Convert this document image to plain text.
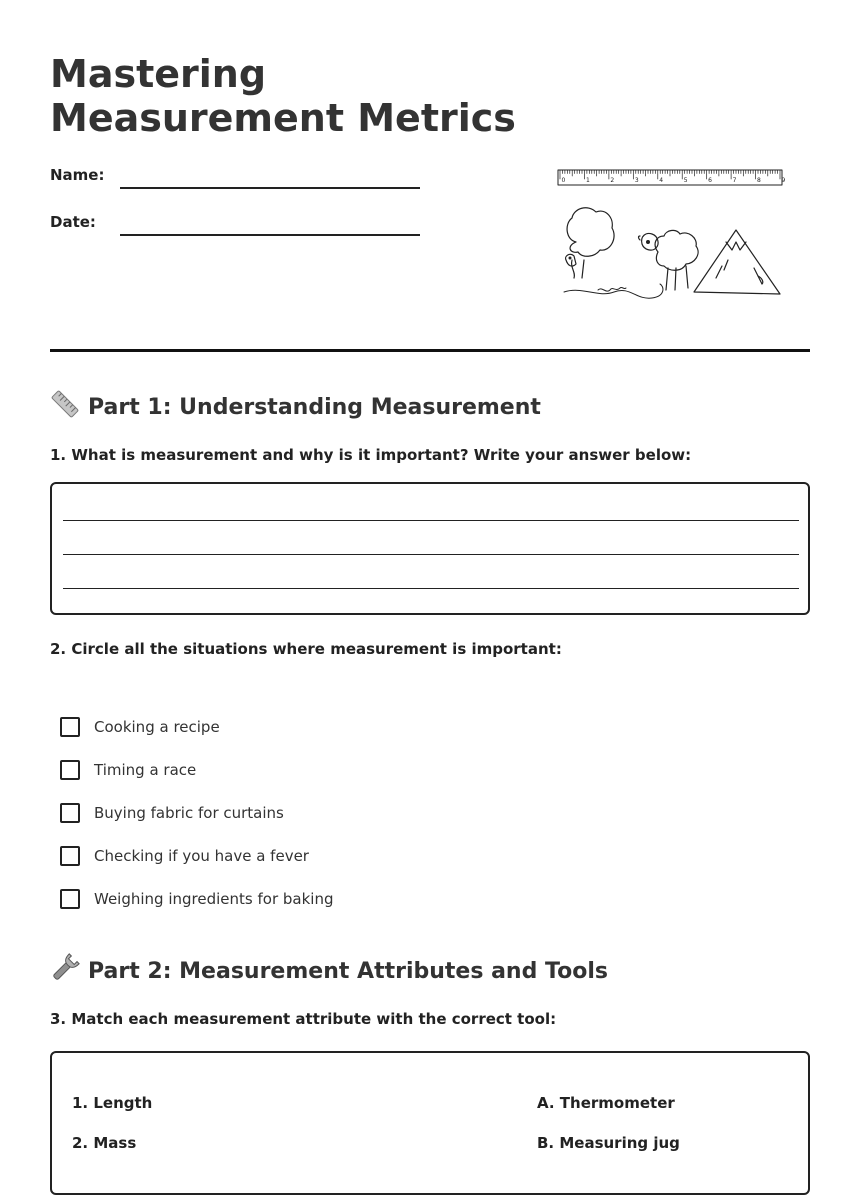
Mastering
Measurement Metrics
Name:
Date:
0	1	2	3	4	5	6	7	8	9
Part 1: Understanding Measurement
1. What is measurement and why is it important? Write your answer below:
2. Circle all the situations where measurement is important:
Cooking a recipe
Timing a race
Buying fabric for curtains
Checking if you have a fever
Weighing ingredients for baking
Part 2: Measurement Attributes and Tools
3. Match each measurement attribute with the correct tool:
1. Length
2. Mass
A. Thermometer
B. Measuring jug
